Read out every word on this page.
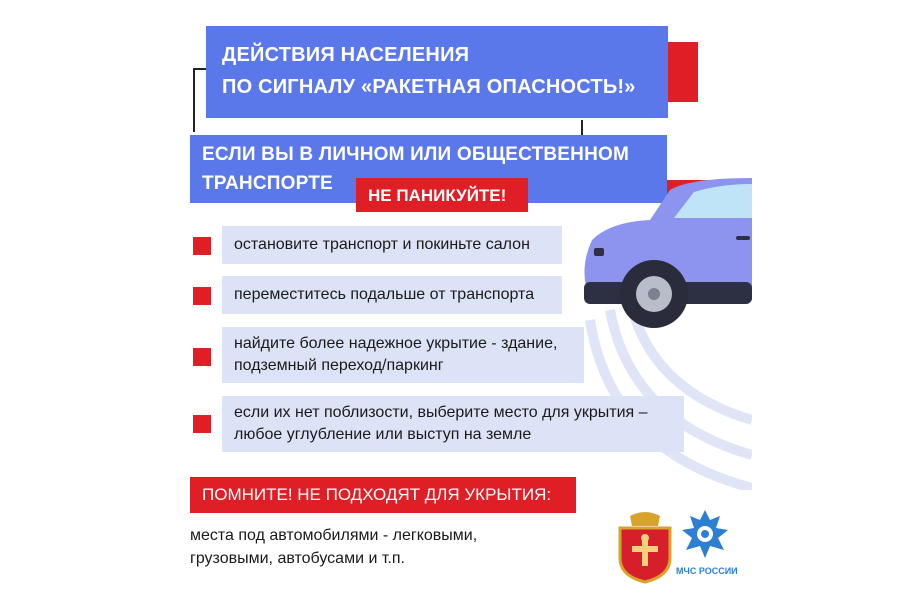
ДЕЙСТВИЯ НАСЕЛЕНИЯ
ПО СИГНАЛУ «РАКЕТНАЯ ОПАСНОСТЬ!»
ЕСЛИ ВЫ В ЛИЧНОМ ИЛИ ОБЩЕСТВЕННОМ
ТРАНСПОРТЕ
НЕ ПАНИКУЙТЕ!
остановите транспорт и покиньте салон
переместитесь подальше от транспорта
найдите более надежное укрытие - здание,
подземный переход/паркинг
если их нет поблизости, выберите место для укрытия –
любое углубление или выступ на земле
ПОМНИТЕ! НЕ ПОДХОДЯТ ДЛЯ УКРЫТИЯ:
места под автомобилями - легковыми,
грузовыми, автобусами и т.п.
МЧС РОССИИ
